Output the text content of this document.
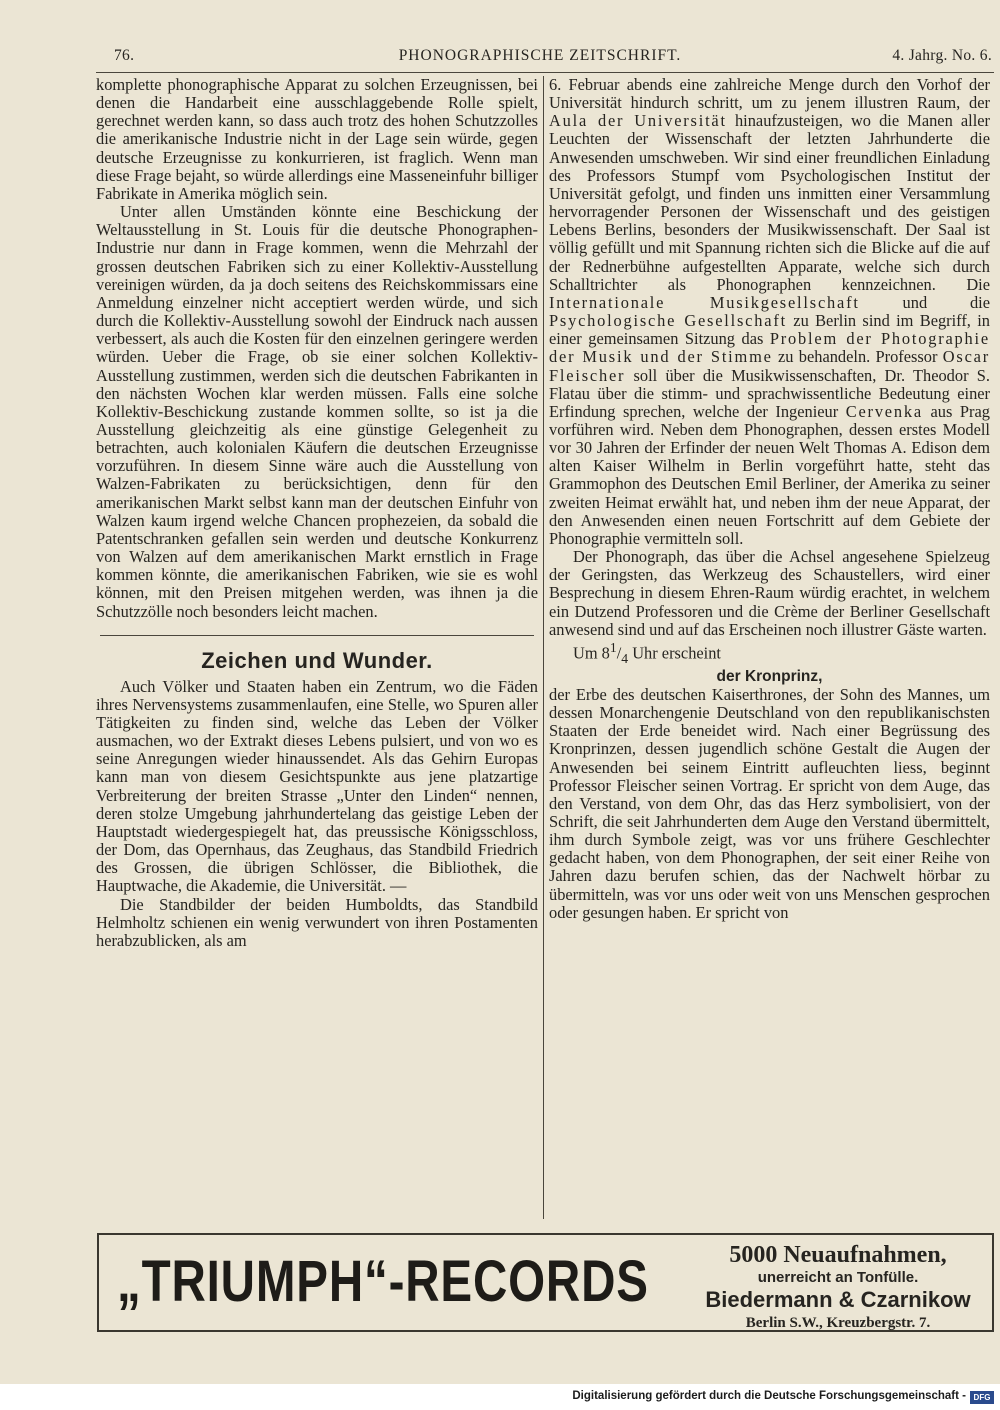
76.	PHONOGRAPHISCHE ZEITSCHRIFT.	4. Jahrg. No. 6.

komplette phonographische Apparat zu solchen Erzeugnissen, bei denen die Handarbeit eine ausschlaggebende Rolle spielt, gerechnet werden kann, so dass auch trotz des hohen Schutzzolles die amerikanische Industrie nicht in der Lage sein würde, gegen deutsche Erzeugnisse zu konkurrieren, ist fraglich. Wenn man diese Frage bejaht, so würde allerdings eine Masseneinfuhr billiger Fabrikate in Amerika möglich sein.

Unter allen Umständen könnte eine Beschickung der Weltausstellung in St. Louis für die deutsche Phonographen-Industrie nur dann in Frage kommen, wenn die Mehrzahl der grossen deutschen Fabriken sich zu einer Kollektiv-Ausstellung vereinigen würden, da ja doch seitens des Reichskommissars eine Anmeldung einzelner nicht acceptiert werden würde, und sich durch die Kollektiv-Ausstellung sowohl der Eindruck nach aussen verbessert, als auch die Kosten für den einzelnen geringere werden würden. Ueber die Frage, ob sie einer solchen Kollektiv-Ausstellung zustimmen, werden sich die deutschen Fabrikanten in den nächsten Wochen klar werden müssen. Falls eine solche Kollektiv-Beschickung zustande kommen sollte, so ist ja die Ausstellung gleichzeitig als eine günstige Gelegenheit zu betrachten, auch kolonialen Käufern die deutschen Erzeugnisse vorzuführen. In diesem Sinne wäre auch die Ausstellung von Walzen-Fabrikaten zu berücksichtigen, denn für den amerikanischen Markt selbst kann man der deutschen Einfuhr von Walzen kaum irgend welche Chancen prophezeien, da sobald die Patentschranken gefallen sein werden und deutsche Konkurrenz von Walzen auf dem amerikanischen Markt ernstlich in Frage kommen könnte, die amerikanischen Fabriken, wie sie es wohl können, mit den Preisen mitgehen werden, was ihnen ja die Schutzzölle noch besonders leicht machen.

Zeichen und Wunder.

Auch Völker und Staaten haben ein Zentrum, wo die Fäden ihres Nervensystems zusammenlaufen, eine Stelle, wo Spuren aller Tätigkeiten zu finden sind, welche das Leben der Völker ausmachen, wo der Extrakt dieses Lebens pulsiert, und von wo es seine Anregungen wieder hinaussendet. Als das Gehirn Europas kann man von diesem Gesichtspunkte aus jene platzartige Verbreiterung der breiten Strasse „Unter den Linden“ nennen, deren stolze Umgebung jahrhundertelang das geistige Leben der Hauptstadt wiedergespiegelt hat, das preussische Königsschloss, der Dom, das Opernhaus, das Zeughaus, das Standbild Friedrich des Grossen, die übrigen Schlösser, die Bibliothek, die Hauptwache, die Akademie, die Universität. —

Die Standbilder der beiden Humboldts, das Standbild Helmholtz schienen ein wenig verwundert von ihren Postamenten herabzublicken, als am

6. Februar abends eine zahlreiche Menge durch den Vorhof der Universität hindurch schritt, um zu jenem illustren Raum, der Aula der Universität hinaufzusteigen, wo die Manen aller Leuchten der Wissenschaft der letzten Jahrhunderte die Anwesenden umschweben. Wir sind einer freundlichen Einladung des Professors Stumpf vom Psychologischen Institut der Universität gefolgt, und finden uns inmitten einer Versammlung hervorragender Personen der Wissenschaft und des geistigen Lebens Berlins, besonders der Musikwissenschaft. Der Saal ist völlig gefüllt und mit Spannung richten sich die Blicke auf die auf der Rednerbühne aufgestellten Apparate, welche sich durch Schalltrichter als Phonographen kennzeichnen. Die Internationale Musikgesellschaft	und die Psychologische Gesellschaft zu Berlin sind im Begriff, in einer gemeinsamen Sitzung das Problem der Photographie der Musik und der Stimme zu behandeln. Professor Oscar Fleischer soll über die Musikwissenschaften, Dr. Theodor S. Flatau über die stimm- und sprachwissentliche Bedeutung einer Erfindung sprechen, welche der Ingenieur Cervenka aus Prag vorführen wird. Neben dem Phonographen, dessen erstes Modell vor 30 Jahren der Erfinder der neuen Welt Thomas A. Edison dem alten Kaiser Wilhelm in Berlin vorgeführt hatte, steht das Grammophon des Deutschen Emil Berliner, der Amerika zu seiner zweiten Heimat erwählt hat, und neben ihm der neue Apparat, der den Anwesenden einen neuen Fortschritt auf dem Gebiete der Phonographie vermitteln soll.

Der Phonograph, das über die Achsel angesehene Spielzeug der Geringsten, das Werkzeug des Schaustellers, wird einer Besprechung in diesem Ehren-Raum würdig erachtet, in welchem ein Dutzend Professoren und die Crème der Berliner Gesellschaft anwesend sind und auf das Erscheinen noch illustrer Gäste warten.

Um $8^1/_4$ Uhr erscheint

der Kronprinz,

der Erbe des deutschen Kaiserthrones, der Sohn des Mannes, um dessen Monarchengenie Deutschland von den republikanischsten Staaten der Erde beneidet wird. Nach einer Begrüssung des Kronprinzen, dessen jugendlich schöne Gestalt die Augen der Anwesenden bei seinem Eintritt aufleuchten liess, beginnt Professor Fleischer seinen Vortrag. Er spricht von dem Auge, das den Verstand, von dem Ohr, das das Herz symbolisiert, von der Schrift, die seit Jahrhunderten dem Auge den Verstand übermittelt, ihm durch Symbole zeigt, was vor uns frühere Geschlechter gedacht haben, von dem Phonographen, der seit einer Reihe von Jahren dazu berufen schien, das der Nachwelt hörbar zu übermitteln, was vor uns oder weit von uns Menschen gesprochen oder gesungen haben. Er spricht von

„TRIUMPH“-RECORDS	5000 Neuaufnahmen,
unerreicht an Tonfülle.
Biedermann & Czarnikow
Berlin S.W., Kreuzbergstr. 7.
Digitalisierung gefördert durch die Deutsche Forschungsgemeinschaft - DFG
